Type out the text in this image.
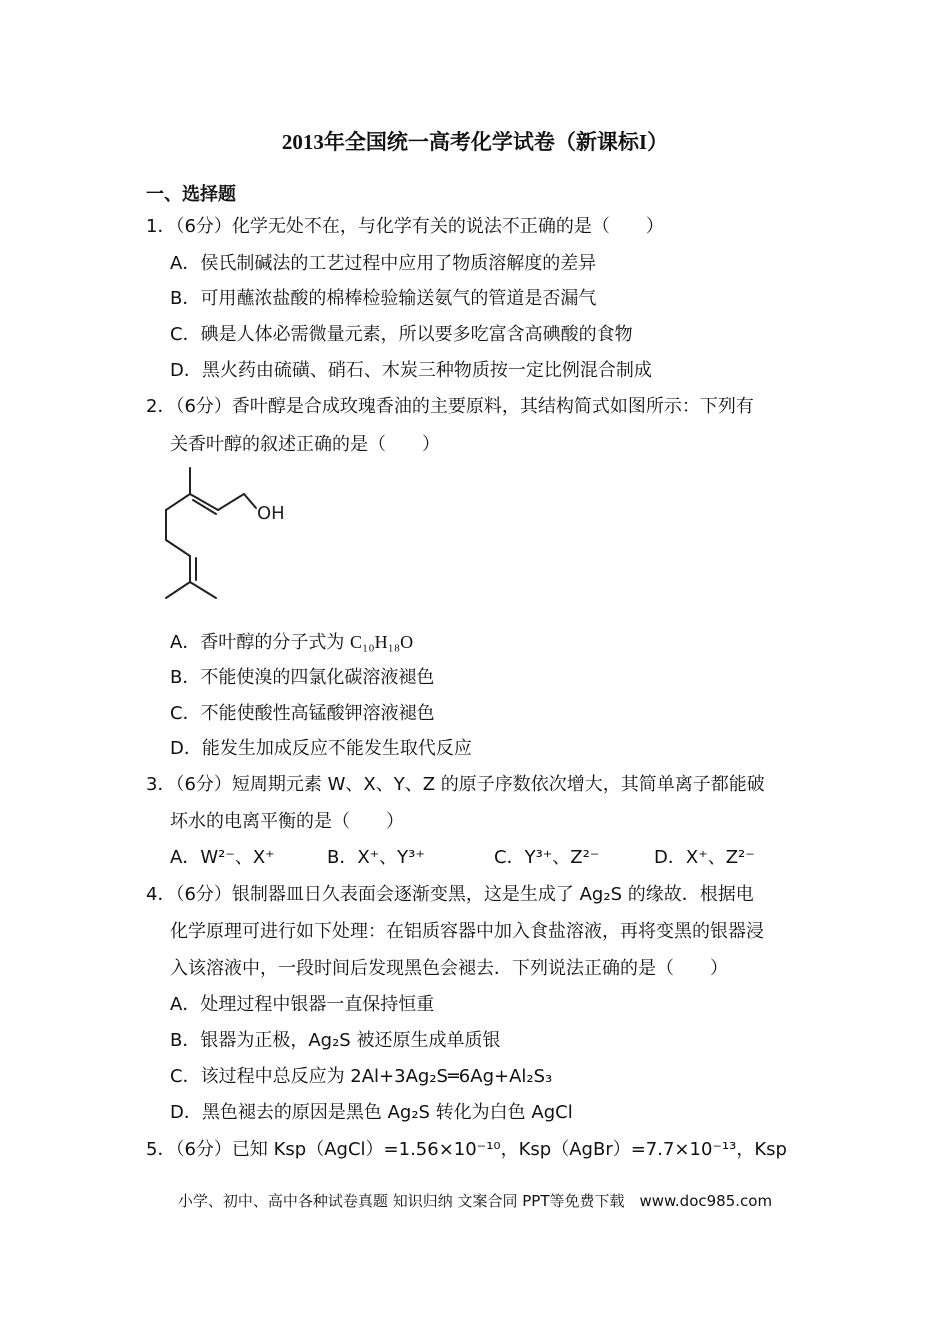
2013年全国统一高考化学试卷（新课标I）
一、选择题
1．（6分）化学无处不在，与化学有关的说法不正确的是（　　）
A．侯氏制碱法的工艺过程中应用了物质溶解度的差异
B．可用蘸浓盐酸的棉棒检验输送氨气的管道是否漏气
C．碘是人体必需微量元素，所以要多吃富含高碘酸的食物
D．黑火药由硫磺、硝石、木炭三种物质按一定比例混合制成
2．（6分）香叶醇是合成玫瑰香油的主要原料，其结构简式如图所示：下列有
关香叶醇的叙述正确的是（　　）
OH
A．香叶醇的分子式为 C₁₀H₁₈O
B．不能使溴的四氯化碳溶液褪色
C．不能使酸性高锰酸钾溶液褪色
D．能发生加成反应不能发生取代反应
3．（6分）短周期元素 W、X、Y、Z 的原子序数依次增大，其简单离子都能破
坏水的电离平衡的是（　　）
A．W²⁻、X⁺	B．X⁺、Y³⁺	C．Y³⁺、Z²⁻	D．X⁺、Z²⁻
4．（6分）银制器皿日久表面会逐渐变黑，这是生成了 Ag₂S 的缘故．根据电
化学原理可进行如下处理：在铝质容器中加入食盐溶液，再将变黑的银器浸
入该溶液中，一段时间后发现黑色会褪去．下列说法正确的是（　　）
A．处理过程中银器一直保持恒重
B．银器为正极，Ag₂S 被还原生成单质银
C．该过程中总反应为 2Al+3Ag₂S═6Ag+Al₂S₃
D．黑色褪去的原因是黑色 Ag₂S 转化为白色 AgCl
5．（6分）已知 Ksp（AgCl）=1.56×10⁻¹⁰，Ksp（AgBr）=7.7×10⁻¹³，Ksp
小学、初中、高中各种试卷真题 知识归纳 文案合同 PPT等免费下载　www.doc985.com
